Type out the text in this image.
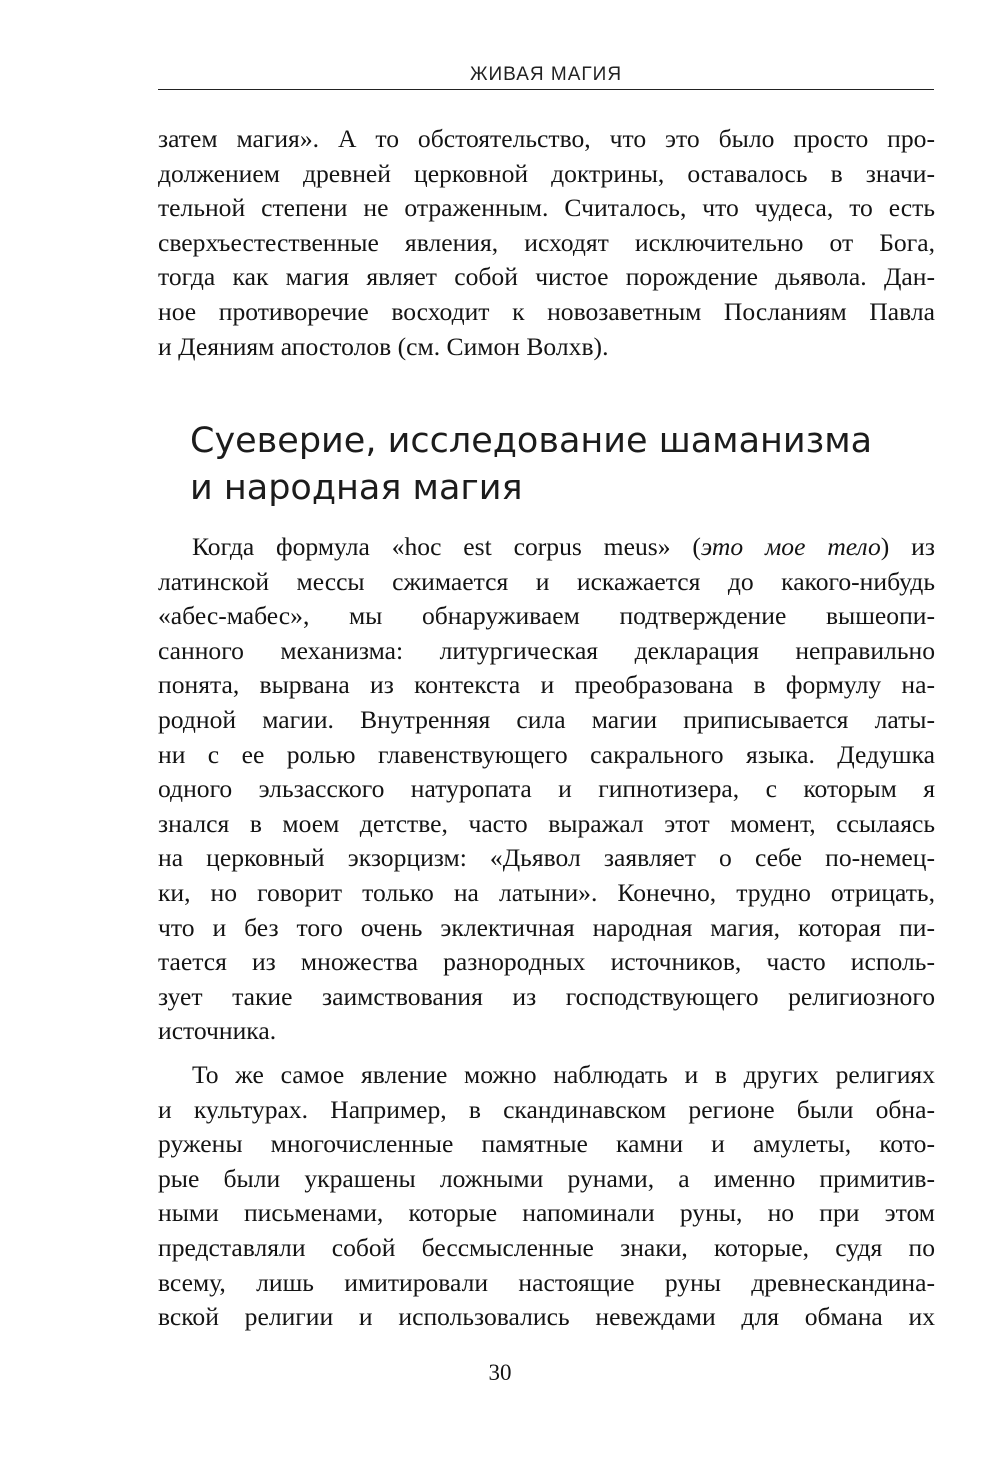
ЖИВАЯ МАГИЯ
затем магия». А то обстоятельство, что это было просто про-
должением древней церковной доктрины, оставалось в значи-
тельной степени не отраженным. Считалось, что чудеса, то есть
сверхъестественные явления, исходят исключительно от Бога,
тогда как магия являет собой чистое порождение дьявола. Дан-
ное противоречие восходит к новозаветным Посланиям Павла
и Деяниям апостолов (см. Симон Волхв).
Суеверие, исследование шаманизма
и народная магия
Когда формула «hoc est corpus meus» (это мое тело) из
латинской мессы сжимается и искажается до какого-нибудь
«абес-мабес», мы обнаруживаем подтверждение вышеопи-
санного механизма: литургическая декларация неправильно
понята, вырвана из контекста и преобразована в формулу на-
родной магии. Внутренняя сила магии приписывается латы-
ни с ее ролью главенствующего сакрального языка. Дедушка
одного эльзасского натуропата и гипнотизера, с которым я
знался в моем детстве, часто выражал этот момент, ссылаясь
на церковный экзорцизм: «Дьявол заявляет о себе по-немец-
ки, но говорит только на латыни». Конечно, трудно отрицать,
что и без того очень эклектичная народная магия, которая пи-
тается из множества разнородных источников, часто исполь-
зует такие заимствования из господствующего религиозного
источника.
То же самое явление можно наблюдать и в других религиях
и культурах. Например, в скандинавском регионе были обна-
ружены многочисленные памятные камни и амулеты, кото-
рые были украшены ложными рунами, а именно примитив-
ными письменами, которые напоминали руны, но при этом
представляли собой бессмысленные знаки, которые, судя по
всему, лишь имитировали настоящие руны древнескандина-
вской религии и использовались невеждами для обмана их
30
